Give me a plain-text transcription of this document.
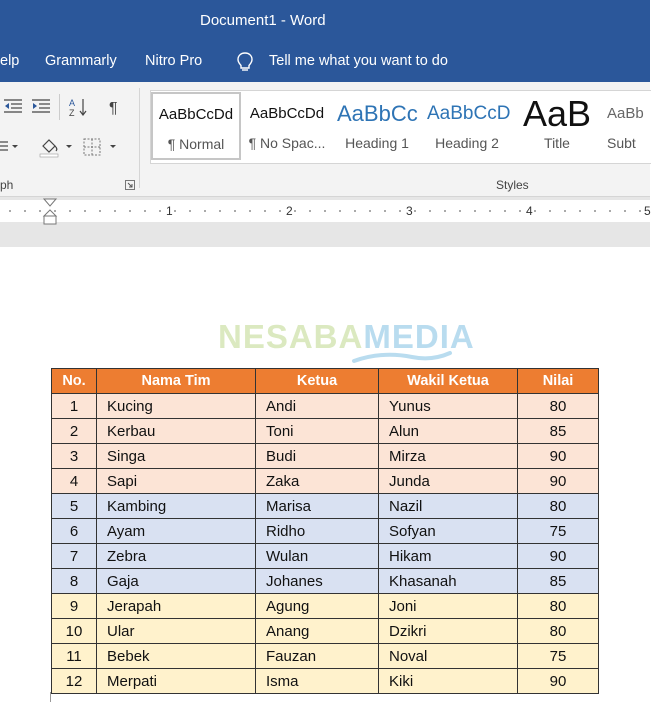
Document1 - Word
elp Grammarly Nitro Pro	Tell me what you want to do
A
Z ¶
ph
AaBbCcDd
¶ Normal
AaBbCcDd
¶ No Spac...
AaBbCc
Heading 1
AaBbCcD
Heading 2
AaB
Title
AaBb
Subt
Styles
1	2	3	4	5
NESABAMEDIA
No.	Nama Tim	Ketua	Wakil Ketua	Nilai
1	Kucing	Andi	Yunus	80
2	Kerbau	Toni	Alun	85
3	Singa	Budi	Mirza	90
4	Sapi	Zaka	Junda	90
5	Kambing	Marisa	Nazil	80
6	Ayam	Ridho	Sofyan	75
7	Zebra	Wulan	Hikam	90
8	Gaja	Johanes	Khasanah	85
9	Jerapah	Agung	Joni	80
10	Ular	Anang	Dzikri	80
11	Bebek	Fauzan	Noval	75
12	Merpati	Isma	Kiki	90
